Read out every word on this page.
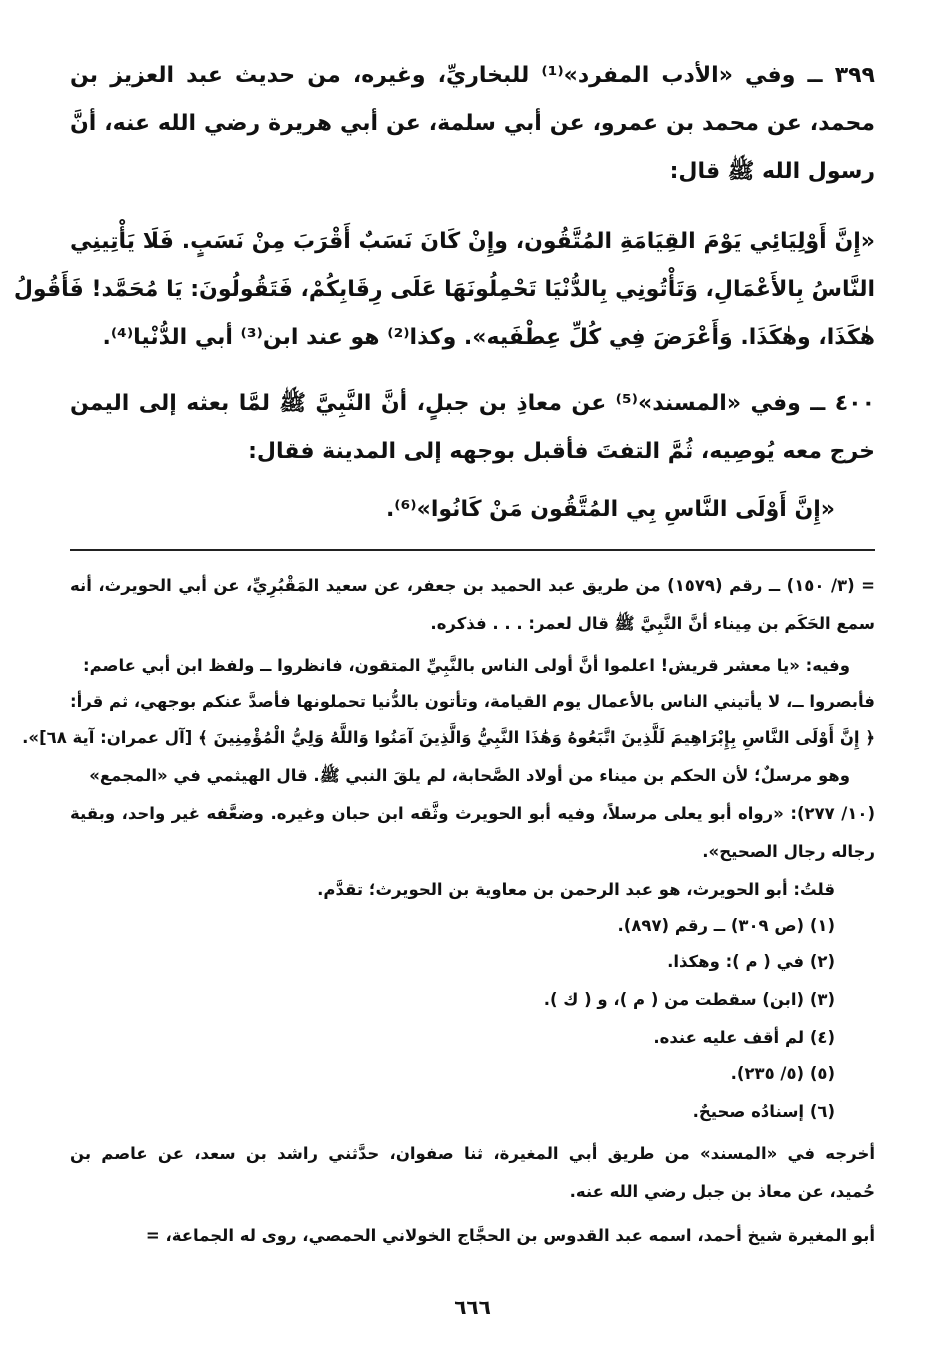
٣٩٩ ــ وفي «الأدب المفرد»⁽¹⁾ للبخاريِّ، وغيره، من حديث عبد العزيز بن
محمد، عن محمد بن عمرو، عن أبي سلمة، عن أبي هريرة رضي الله عنه، أنَّ
رسول الله ﷺ قال:
«إِنَّ أَوْلِيَائِي يَوْمَ القِيَامَةِ المُتَّقُون، وإِنْ كَانَ نَسَبٌ أَقْرَبَ مِنْ نَسَبٍ. فَلَا يَأْتِينِي
النَّاسُ بِالأَعْمَالِ، وَتَأْتُونِي بِالدُّنْيَا تَحْمِلُونَهَا عَلَى رِقَابِكُمْ، فَتَقُولُونَ: يَا مُحَمَّد! فَأَقُولُ
هٰكَذَا، وهٰكَذَا. وَأَعْرَضَ فِي كُلِّ عِطْفَيه». وكذا⁽²⁾ هو عند ابن⁽³⁾ أبي الدُّنْيا⁽⁴⁾.
٤٠٠ ــ وفي «المسند»⁽⁵⁾ عن معاذِ بن جبلٍ، أنَّ النَّبِيَّ ﷺ لمَّا بعثه إلى اليمن
خرج معه يُوصِيه، ثُمَّ التفتَ فأقبل بوجهه إلى المدينة فقال:
«إِنَّ أَوْلَى النَّاسِ بِي المُتَّقُون مَنْ كَانُوا»⁽⁶⁾.
= (٣/ ١٥٠) ــ رقم (١٥٧٩) من طريق عبد الحميد بن جعفر، عن سعيد المَقْبُرِيِّ، عن أبي الحويرث، أنه
سمع الحَكَم بن مِيناء أنَّ النَّبِيَّ ﷺ قال لعمر: . . . فذكره.
وفيه: «يا معشر قريش! اعلموا أنَّ أولى الناس بالنَّبِيِّ المتقون، فانظروا ــ ولفظ ابن أبي عاصم:
فأبصروا ــ، لا يأتيني الناس بالأعمال يوم القيامة، وتأتون بالدُّنيا تحملونها فأصدَّ عنكم بوجهي، ثم قرأ:
﴿ إِنَّ أَوْلَى النَّاسِ بِإِبْرَاهِيمَ لَلَّذِينَ اتَّبَعُوهُ وَهَٰذَا النَّبِيُّ وَالَّذِينَ آمَنُوا وَاللَّهُ وَلِيُّ الْمُؤْمِنِينَ ﴾ [آل عمران: آية ٦٨]».
وهو مرسلٌ؛ لأن الحكم بن ميناء من أولاد الصَّحابة، لم يلقَ النبي ﷺ. قال الهيثمي في «المجمع»
(١٠/ ٢٧٧): «رواه أبو يعلى مرسلاً، وفيه أبو الحويرث وثَّقه ابن حبان وغيره. وضعَّفه غير واحد، وبقية
رجاله رجال الصحيح».
قلتُ: أبو الحويرث، هو عبد الرحمن بن معاوية بن الحويرث؛ تقدَّم.
(١) (ص ٣٠٩) ــ رقم (٨٩٧).
(٢) في ( م ): وهكذا.
(٣) (ابن) سقطت من ( م )، و ( ك ).
(٤) لم أقف عليه عنده.
(٥) (٥/ ٢٣٥).
(٦) إسنادُه صحيحٌ.
أخرجه في «المسند» من طريق أبي المغيرة، ثنا صفوان، حدَّثني راشد بن سعد، عن عاصم بن
حُميد، عن معاذ بن جبل رضي الله عنه.
أبو المغيرة شيخ أحمد، اسمه عبد القدوس بن الحجَّاج الخولاني الحمصي، روى له الجماعة، =
٦٦٦
